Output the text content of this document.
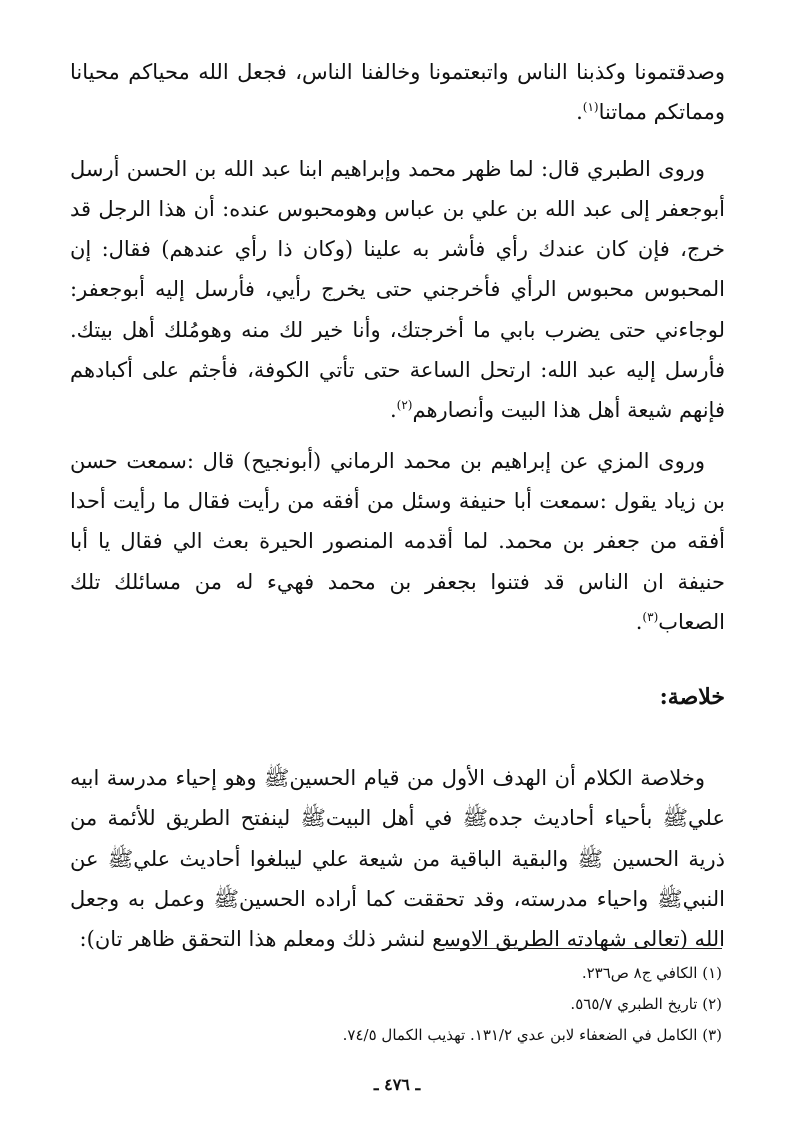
وصدقتمونا وكذبنا الناس واتبعتمونا وخالفنا الناس، فجعل الله محياكم محيانا ومماتكم مماتنا$^{(١)}$.

وروى الطبري قال: لما ظهر محمد وإبراهيم ابنا عبد الله بن الحسن أرسل أبوجعفر إلى عبد الله بن علي بن عباس وهومحبوس عنده: أن هذا الرجل قد خرج، فإن كان عندك رأي فأشر به علينا (وكان ذا رأي عندهم) فقال: إن المحبوس محبوس الرأي فأخرجني حتى يخرج رأيي، فأرسل إليه أبوجعفر: لوجاءني حتى يضرب بابي ما أخرجتك، وأنا خير لك منه وهومُلك أهل بيتك. فأرسل إليه عبد الله: ارتحل الساعة حتى تأتي الكوفة، فأجثم على أكبادهم فإنهم شيعة أهل هذا البيت وأنصارهم$^{(٢)}$.

وروى المزي عن إبراهيم بن محمد الرماني (أبونجيح) قال :سمعت حسن بن زياد يقول :سمعت أبا حنيفة وسئل من أفقه من رأيت فقال ما رأيت أحدا أفقه من جعفر بن محمد. لما أقدمه المنصور الحيرة بعث الي فقال يا أبا حنيفة ان الناس قد فتنوا بجعفر بن محمد فهيء له من مسائلك تلك الصعاب$^{(٣)}$.

خلاصة:

وخلاصة الكلام أن الهدف الأول من قيام الحسينﷺ وهو إحياء مدرسة ابيه عليﷺ بأحياء أحاديث جدهﷺ في أهل البيتﷺ لينفتح الطريق للأئمة من ذرية الحسين ﷺ والبقية الباقية من شيعة علي ليبلغوا أحاديث عليﷺ عن النبيﷺ واحياء مدرسته، وقد تحققت كما أراده الحسينﷺ وعمل به وجعل الله (تعالى شهادته الطريق الاوسع لنشر ذلك ومعلم هذا التحقق ظاهر تان):

(١) الكافي ج٨ ص٢٣٦.

(٢) تاريخ الطبري ٥٦٥/٧.

(٣) الكامل في الضعفاء لابن عدي ١٣١/٢. تهذيب الكمال ٧٤/٥.

ـ ٤٧٦ ـ
